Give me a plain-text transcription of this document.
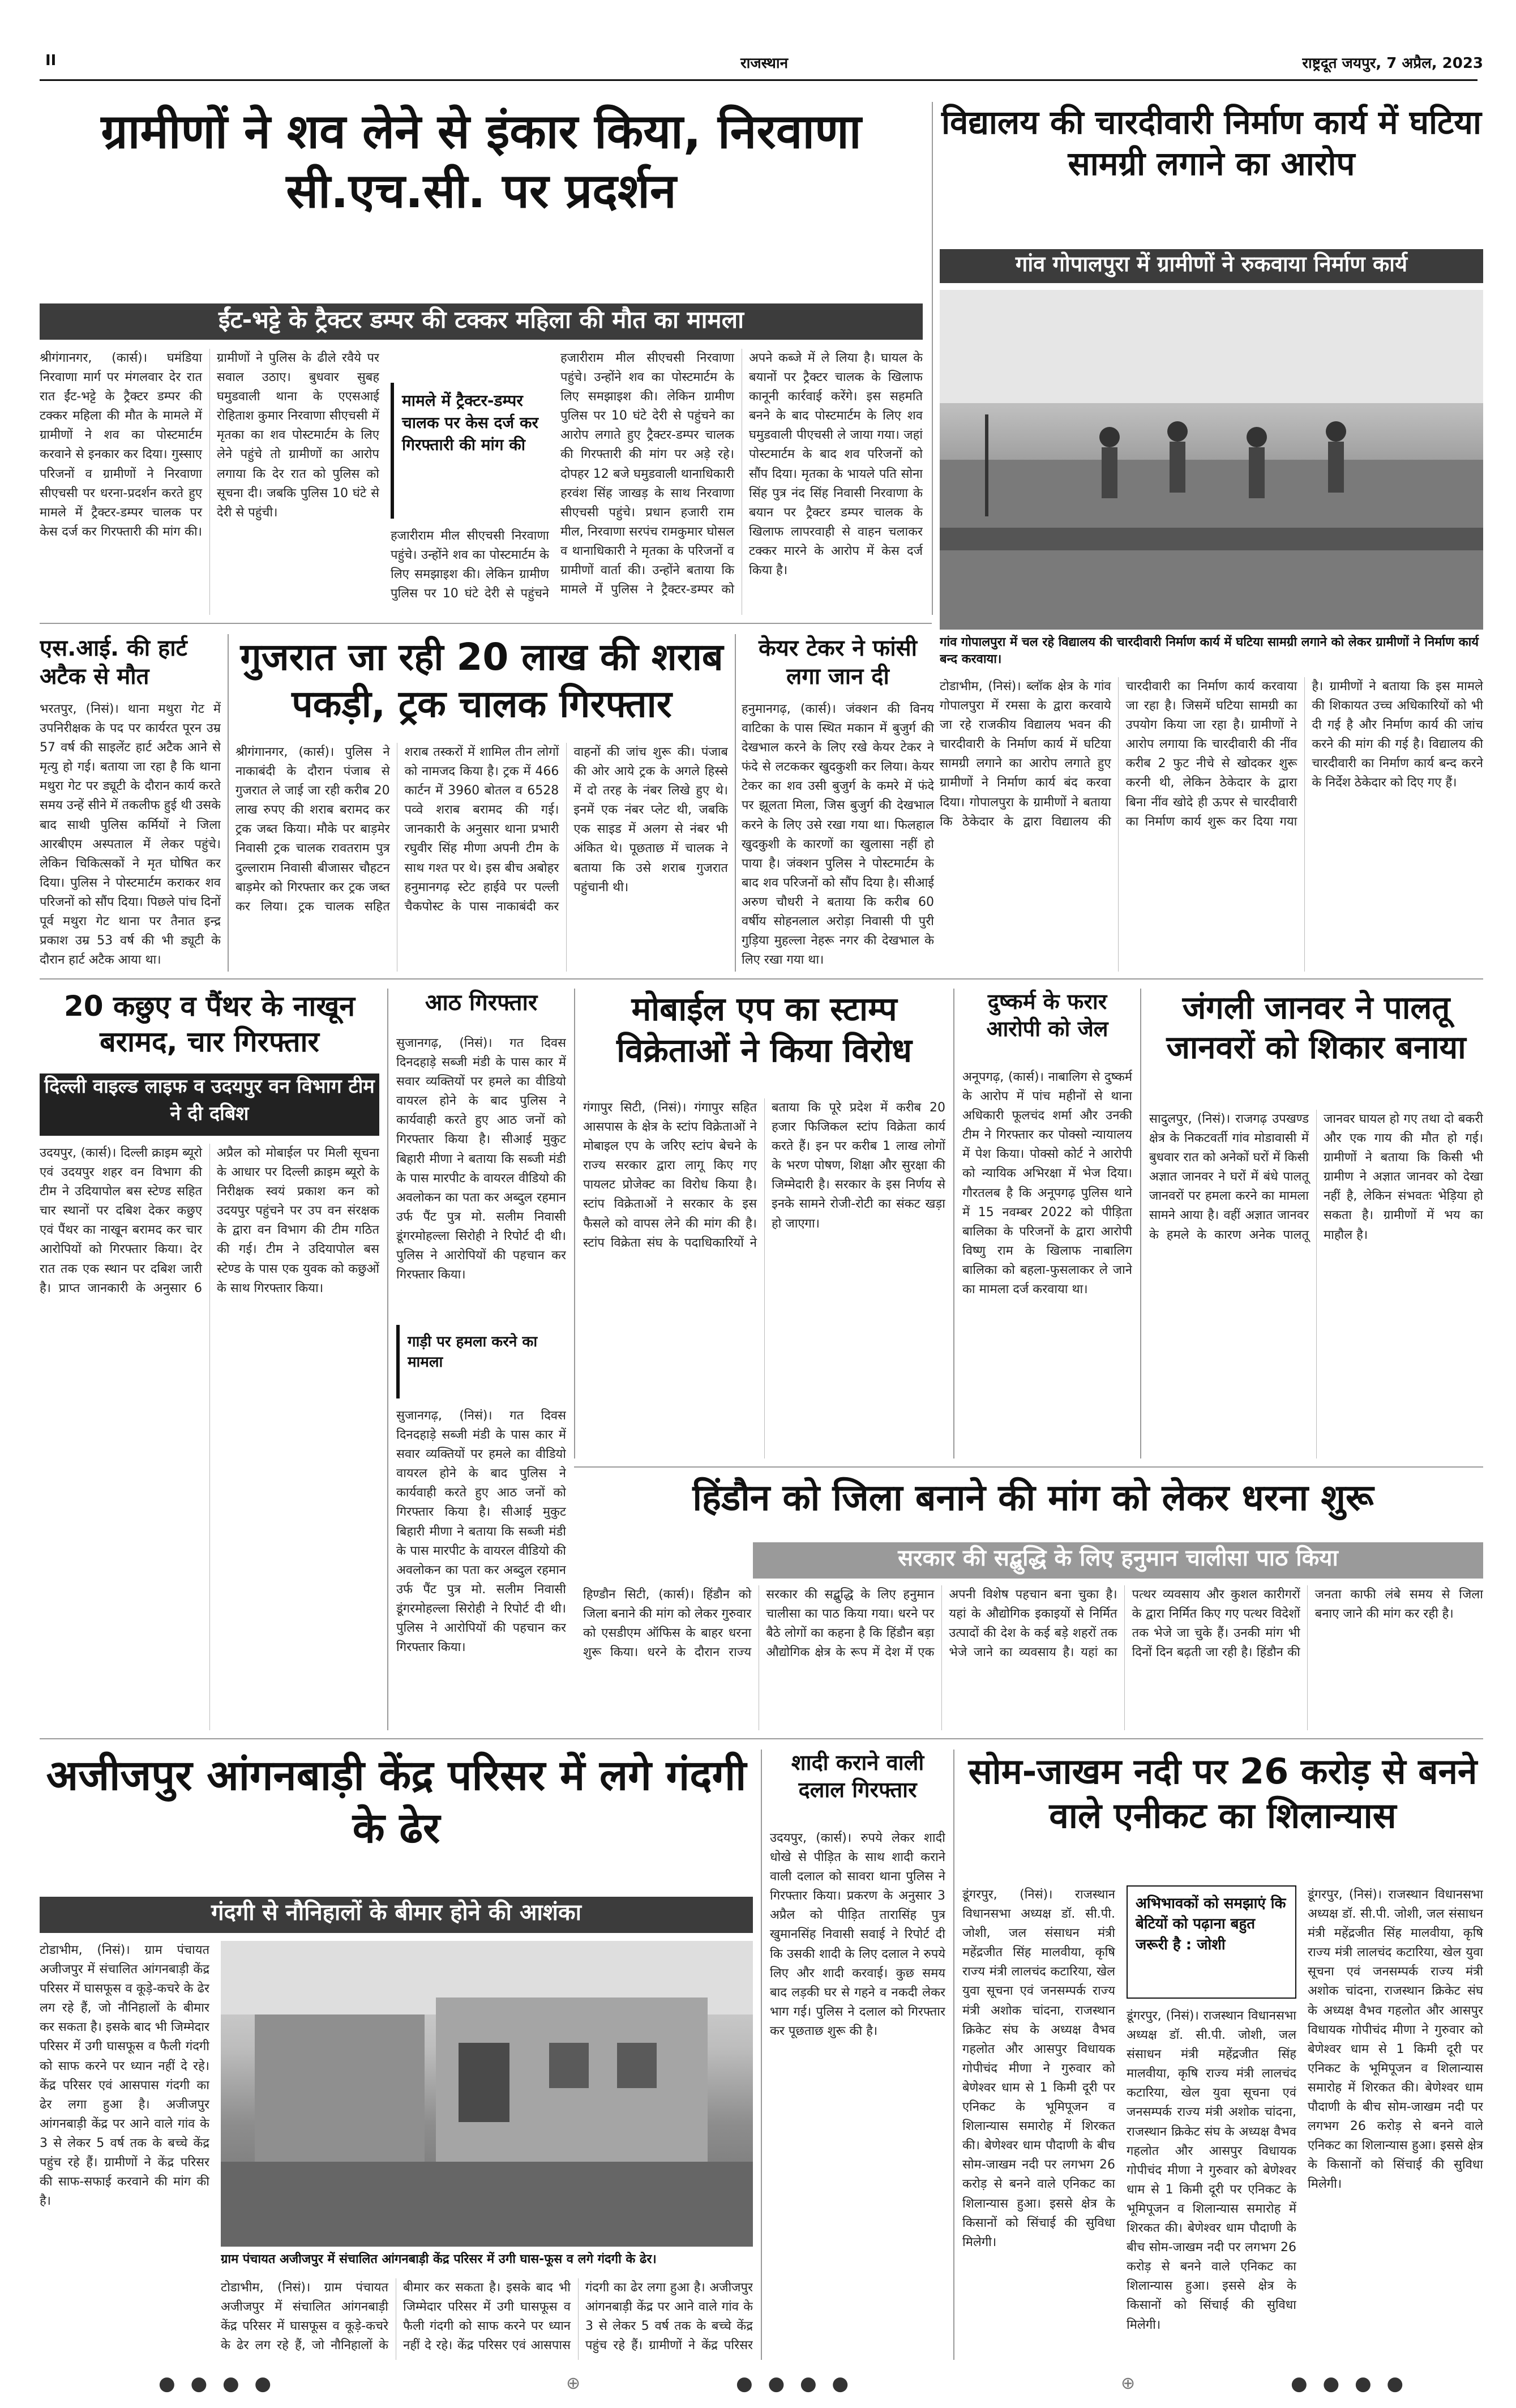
II	राजस्थान	राष्ट्रदूत जयपुर, 7 अप्रैल, 2023
ग्रामीणों ने शव लेने से इंकार किया, निरवाणा सी.एच.सी. पर प्रदर्शन
ईंट-भट्टे के ट्रैक्टर डम्पर की टक्कर महिला की मौत का मामला

श्रीगंगानगर, (कार्स)। घमंडिया निरवाणा मार्ग पर मंगलवार देर रात रात ईंट-भट्टे के ट्रैक्टर डम्पर की टक्कर महिला की मौत के मामले में ग्रामीणों ने शव का पोस्टमार्टम करवाने से इनकार कर दिया। गुस्साए परिजनों व ग्रामीणों ने निरवाणा सीएचसी पर धरना-प्रदर्शन करते हुए मामले में ट्रैक्टर-डम्पर चालक पर केस दर्ज कर गिरफ्तारी की मांग की। ग्रामीणों ने पुलिस के ढीले रवैये पर सवाल उठाए। बुधवार सुबह घमुडवाली थाना के एएसआई रोहिताश कुमार निरवाणा सीएचसी में मृतका का शव पोस्टमार्टम के लिए लेने पहुंचे तो ग्रामीणों का आरोप लगाया कि देर रात को पुलिस को सूचना दी। जबकि पुलिस 10 घंटे से देरी से पहुंची।

मामले में ट्रैक्टर-डम्पर चालक पर केस दर्ज कर गिरफ्तारी की मांग की

हजारीराम मील सीएचसी निरवाणा पहुंचे। उन्होंने शव का पोस्टमार्टम के लिए समझाइश की। लेकिन ग्रामीण पुलिस पर 10 घंटे देरी से पहुंचने

हजारीराम मील सीएचसी निरवाणा पहुंचे। उन्होंने शव का पोस्टमार्टम के लिए समझाइश की। लेकिन ग्रामीण पुलिस पर 10 घंटे देरी से पहुंचने का आरोप लगाते हुए ट्रैक्टर-डम्पर चालक की गिरफ्तारी की मांग पर अड़े रहे। दोपहर 12 बजे घमुडवाली थानाधिकारी हरवंश सिंह जाखड़ के साथ निरवाणा सीएचसी पहुंचे। प्रधान हजारी राम मील, निरवाणा सरपंच रामकुमार घोसल व थानाधिकारी ने मृतका के परिजनों व ग्रामीणों वार्ता की। उन्होंने बताया कि मामले में पुलिस ने ट्रैक्टर-डम्पर को अपने कब्जे में ले लिया है। घायल के बयानों पर ट्रैक्टर चालक के खिलाफ कानूनी कार्रवाई करेंगे। इस सहमति बनने के बाद पोस्टमार्टम के लिए शव घमुडवाली पीएचसी ले जाया गया। जहां पोस्टमार्टम के बाद शव परिजनों को सौंप दिया। मृतका के भायले पति सोना सिंह पुत्र नंद सिंह निवासी निरवाणा के बयान पर ट्रैक्टर डम्पर चालक के खिलाफ लापरवाही से वाहन चलाकर टक्कर मारने के आरोप में केस दर्ज किया है।

विद्यालय की चारदीवारी निर्माण कार्य में घटिया सामग्री लगाने का आरोप
गांव गोपालपुरा में ग्रामीणों ने रुकवाया निर्माण कार्य
गांव गोपालपुरा में चल रहे विद्यालय की चारदीवारी निर्माण कार्य में घटिया सामग्री लगाने को लेकर ग्रामीणों ने निर्माण कार्य बन्द करवाया।

टोडाभीम, (निसं)। ब्लॉक क्षेत्र के गांव गोपालपुरा में रमसा के द्वारा करवाये जा रहे राजकीय विद्यालय भवन की चारदीवारी के निर्माण कार्य में घटिया सामग्री लगाने का आरोप लगाते हुए ग्रामीणों ने निर्माण कार्य बंद करवा दिया। गोपालपुरा के ग्रामीणों ने बताया कि ठेकेदार के द्वारा विद्यालय की चारदीवारी का निर्माण कार्य करवाया जा रहा है। जिसमें घटिया सामग्री का उपयोग किया जा रहा है। ग्रामीणों ने आरोप लगाया कि चारदीवारी की नींव करीब 2 फुट नीचे से खोदकर शुरू करनी थी, लेकिन ठेकेदार के द्वारा बिना नींव खोदे ही ऊपर से चारदीवारी का निर्माण कार्य शुरू कर दिया गया है। ग्रामीणों ने बताया कि इस मामले की शिकायत उच्च अधिकारियों को भी दी गई है और निर्माण कार्य की जांच करने की मांग की गई है। विद्यालय की चारदीवारी का निर्माण कार्य बन्द करने के निर्देश ठेकेदार को दिए गए हैं।

एस.आई. की हार्ट अटैक से मौत

भरतपुर, (निसं)। थाना मथुरा गेट में उपनिरीक्षक के पद पर कार्यरत पूरन उम्र 57 वर्ष की साइलेंट हार्ट अटैक आने से मृत्यु हो गई। बताया जा रहा है कि थाना मथुरा गेट पर ड्यूटी के दौरान कार्य करते समय उन्हें सीने में तकलीफ हुई थी उसके बाद साथी पुलिस कर्मियों ने जिला आरबीएम अस्पताल में लेकर पहुंचे। लेकिन चिकित्सकों ने मृत घोषित कर दिया। पुलिस ने पोस्टमार्टम कराकर शव परिजनों को सौंप दिया। पिछले पांच दिनों पूर्व मथुरा गेट थाना पर तैनात इन्द्र प्रकाश उम्र 53 वर्ष की भी ड्यूटी के दौरान हार्ट अटैक आया था।

गुजरात जा रही 20 लाख की शराब पकड़ी, ट्रक चालक गिरफ्तार

श्रीगंगानगर, (कार्स)। पुलिस ने नाकाबंदी के दौरान पंजाब से गुजरात ले जाई जा रही करीब 20 लाख रुपए की शराब बरामद कर ट्रक जब्त किया। मौके पर बाड़मेर निवासी ट्रक चालक रावतराम पुत्र दुल्लाराम निवासी बीजासर चौहटन बाड़मेर को गिरफ्तार कर ट्रक जब्त कर लिया। ट्रक चालक सहित शराब तस्करों में शामिल तीन लोगों को नामजद किया है। ट्रक में 466 कार्टन में 3960 बोतल व 6528 पव्वे शराब बरामद की गई। जानकारी के अनुसार थाना प्रभारी रघुवीर सिंह मीणा अपनी टीम के साथ गश्त पर थे। इस बीच अबोहर हनुमानगढ़ स्टेट हाईवे पर पल्ली चैकपोस्ट के पास नाकाबंदी कर वाहनों की जांच शुरू की। पंजाब की ओर आये ट्रक के अगले हिस्से में दो तरह के नंबर लिखे हुए थे। इनमें एक नंबर प्लेट थी, जबकि एक साइड में अलग से नंबर भी अंकित थे। पूछताछ में चालक ने बताया कि उसे शराब गुजरात पहुंचानी थी।

केयर टेकर ने फांसी लगा जान दी

हनुमानगढ़, (कार्स)। जंक्शन की विनय वाटिका के पास स्थित मकान में बुजुर्ग की देखभाल करने के लिए रखे केयर टेकर ने फंदे से लटककर खुदकुशी कर लिया। केयर टेकर का शव उसी बुजुर्ग के कमरे में फंदे पर झूलता मिला, जिस बुजुर्ग की देखभाल करने के लिए उसे रखा गया था। फिलहाल खुदकुशी के कारणों का खुलासा नहीं हो पाया है। जंक्शन पुलिस ने पोस्टमार्टम के बाद शव परिजनों को सौंप दिया है। सीआई अरुण चौधरी ने बताया कि करीब 60 वर्षीय सोहनलाल अरोड़ा निवासी पी पुरी गुड़िया मुहल्ला नेहरू नगर की देखभाल के लिए रखा गया था।

20 कछुए व पैंथर के नाखून बरामद, चार गिरफ्तार
दिल्ली वाइल्ड लाइफ व उदयपुर वन विभाग टीम ने दी दबिश

उदयपुर, (कार्स)। दिल्ली क्राइम ब्यूरो एवं उदयपुर शहर वन विभाग की टीम ने उदियापोल बस स्टेण्ड सहित चार स्थानों पर दबिश देकर कछुए एवं पैंथर का नाखून बरामद कर चार आरोपियों को गिरफ्तार किया। देर रात तक एक स्थान पर दबिश जारी है। प्राप्त जानकारी के अनुसार 6 अप्रैल को मोबाईल पर मिली सूचना के आधार पर दिल्ली क्राइम ब्यूरो के निरीक्षक स्वयं प्रकाश कन को उदयपुर पहुंचने पर उप वन संरक्षक के द्वारा वन विभाग की टीम गठित की गई। टीम ने उदियापोल बस स्टेण्ड के पास एक युवक को कछुओं के साथ गिरफ्तार किया।

आठ गिरफ्तार

सुजानगढ़, (निसं)। गत दिवस दिनदहाड़े सब्जी मंडी के पास कार में सवार व्यक्तियों पर हमले का वीडियो वायरल होने के बाद पुलिस ने कार्यवाही करते हुए आठ जनों को गिरफ्तार किया है। सीआई मुकुट बिहारी मीणा ने बताया कि सब्जी मंडी के पास मारपीट के वायरल वीडियो की अवलोकन का पता कर अब्दुल रहमान उर्फ पैंट पुत्र मो. सलीम निवासी डूंगरमोहल्ला सिरोही ने रिपोर्ट दी थी। पुलिस ने आरोपियों की पहचान कर गिरफ्तार किया।

गाड़ी पर हमला करने का मामला

सुजानगढ़, (निसं)। गत दिवस दिनदहाड़े सब्जी मंडी के पास कार में सवार व्यक्तियों पर हमले का वीडियो वायरल होने के बाद पुलिस ने कार्यवाही करते हुए आठ जनों को गिरफ्तार किया है। सीआई मुकुट बिहारी मीणा ने बताया कि सब्जी मंडी के पास मारपीट के वायरल वीडियो की अवलोकन का पता कर अब्दुल रहमान उर्फ पैंट पुत्र मो. सलीम निवासी डूंगरमोहल्ला सिरोही ने रिपोर्ट दी थी। पुलिस ने आरोपियों की पहचान कर गिरफ्तार किया।

मोबाईल एप का स्टाम्प विक्रेताओं ने किया विरोध

गंगापुर सिटी, (निसं)। गंगापुर सहित आसपास के क्षेत्र के स्टांप विक्रेताओं ने मोबाइल एप के जरिए स्टांप बेचने के राज्य सरकार द्वारा लागू किए गए पायलट प्रोजेक्ट का विरोध किया है। स्टांप विक्रेताओं ने सरकार के इस फैसले को वापस लेने की मांग की है। स्टांप विक्रेता संघ के पदाधिकारियों ने बताया कि पूरे प्रदेश में करीब 20 हजार फिजिकल स्टांप विक्रेता कार्य करते हैं। इन पर करीब 1 लाख लोगों के भरण पोषण, शिक्षा और सुरक्षा की जिम्मेदारी है। सरकार के इस निर्णय से इनके सामने रोजी-रोटी का संकट खड़ा हो जाएगा।

दुष्कर्म के फरार आरोपी को जेल

अनूपगढ़, (कार्स)। नाबालिग से दुष्कर्म के आरोप में पांच महीनों से थाना अधिकारी फूलचंद शर्मा और उनकी टीम ने गिरफ्तार कर पोक्सो न्यायालय में पेश किया। पोक्सो कोर्ट ने आरोपी को न्यायिक अभिरक्षा में भेज दिया। गौरतलब है कि अनूपगढ़ पुलिस थाने में 15 नवम्बर 2022 को पीड़िता बालिका के परिजनों के द्वारा आरोपी विष्णु राम के खिलाफ नाबालिग बालिका को बहला-फुसलाकर ले जाने का मामला दर्ज करवाया था।

जंगली जानवर ने पालतू जानवरों को शिकार बनाया

सादुलपुर, (निसं)। राजगढ़ उपखण्ड क्षेत्र के निकटवर्ती गांव मोडावासी में बुधवार रात को अनेकों घरों में किसी अज्ञात जानवर ने घरों में बंधे पालतू जानवरों पर हमला करने का मामला सामने आया है। वहीं अज्ञात जानवर के हमले के कारण अनेक पालतू जानवर घायल हो गए तथा दो बकरी और एक गाय की मौत हो गई। ग्रामीणों ने बताया कि किसी भी ग्रामीण ने अज्ञात जानवर को देखा नहीं है, लेकिन संभवतः भेड़िया हो सकता है। ग्रामीणों में भय का माहौल है।

हिंडौन को जिला बनाने की मांग को लेकर धरना शुरू
सरकार की सद्बुद्धि के लिए हनुमान चालीसा पाठ किया

हिण्डौन सिटी, (कार्स)। हिंडौन को जिला बनाने की मांग को लेकर गुरुवार को एसडीएम ऑफिस के बाहर धरना शुरू किया। धरने के दौरान राज्य सरकार की सद्बुद्धि के लिए हनुमान चालीसा का पाठ किया गया। धरने पर बैठे लोगों का कहना है कि हिंडौन बड़ा औद्योगिक क्षेत्र के रूप में देश में एक अपनी विशेष पहचान बना चुका है। यहां के औद्योगिक इकाइयों से निर्मित उत्पादों की देश के कई बड़े शहरों तक भेजे जाने का व्यवसाय है। यहां का पत्थर व्यवसाय और कुशल कारीगरों के द्वारा निर्मित किए गए पत्थर विदेशों तक भेजे जा चुके हैं। उनकी मांग भी दिनों दिन बढ़ती जा रही है। हिंडौन की जनता काफी लंबे समय से जिला बनाए जाने की मांग कर रही है।

अजीजपुर आंगनबाड़ी केंद्र परिसर में लगे गंदगी के ढेर
गंदगी से नौनिहालों के बीमार होने की आशंका

टोडाभीम, (निसं)। ग्राम पंचायत अजीजपुर में संचालित आंगनबाड़ी केंद्र परिसर में घासफूस व कूड़े-कचरे के ढेर लग रहे हैं, जो नौनिहालों के बीमार कर सकता है। इसके बाद भी जिम्मेदार परिसर में उगी घासफूस व फैली गंदगी को साफ करने पर ध्यान नहीं दे रहे। केंद्र परिसर एवं आसपास गंदगी का ढेर लगा हुआ है। अजीजपुर आंगनबाड़ी केंद्र पर आने वाले गांव के 3 से लेकर 5 वर्ष तक के बच्चे केंद्र पहुंच रहे हैं। ग्रामीणों ने केंद्र परिसर की साफ-सफाई करवाने की मांग की है।

ग्राम पंचायत अजीजपुर में संचालित आंगनबाड़ी केंद्र परिसर में उगी घास-फूस व लगे गंदगी के ढेर।

टोडाभीम, (निसं)। ग्राम पंचायत अजीजपुर में संचालित आंगनबाड़ी केंद्र परिसर में घासफूस व कूड़े-कचरे के ढेर लग रहे हैं, जो नौनिहालों के बीमार कर सकता है। इसके बाद भी जिम्मेदार परिसर में उगी घासफूस व फैली गंदगी को साफ करने पर ध्यान नहीं दे रहे। केंद्र परिसर एवं आसपास गंदगी का ढेर लगा हुआ है। अजीजपुर आंगनबाड़ी केंद्र पर आने वाले गांव के 3 से लेकर 5 वर्ष तक के बच्चे केंद्र पहुंच रहे हैं। ग्रामीणों ने केंद्र परिसर

शादी कराने वाली दलाल गिरफ्तार

उदयपुर, (कार्स)। रुपये लेकर शादी धोखे से पीड़ित के साथ शादी कराने वाली दलाल को सावरा थाना पुलिस ने गिरफ्तार किया। प्रकरण के अनुसार 3 अप्रैल को पीड़ित तारासिंह पुत्र खुमानसिंह निवासी सवाई ने रिपोर्ट दी कि उसकी शादी के लिए दलाल ने रुपये लिए और शादी करवाई। कुछ समय बाद लड़की घर से गहने व नकदी लेकर भाग गई। पुलिस ने दलाल को गिरफ्तार कर पूछताछ शुरू की है।

सोम-जाखम नदी पर 26 करोड़ से बनने वाले एनीकट का शिलान्यास
अभिभावकों को समझाएं कि बेटियों को पढ़ाना बहुत जरूरी है : जोशी

डूंगरपुर, (निसं)। राजस्थान विधानसभा अध्यक्ष डॉ. सी.पी. जोशी, जल संसाधन मंत्री महेंद्रजीत सिंह मालवीया, कृषि राज्य मंत्री लालचंद कटारिया, खेल युवा सूचना एवं जनसम्पर्क राज्य मंत्री अशोक चांदना, राजस्थान क्रिकेट संघ के अध्यक्ष वैभव गहलोत और आसपुर विधायक गोपीचंद मीणा ने गुरुवार को बेणेश्वर धाम से 1 किमी दूरी पर एनिकट के भूमिपूजन व शिलान्यास समारोह में शिरकत की। बेणेश्वर धाम पौदाणी के बीच सोम-जाखम नदी पर लगभग 26 करोड़ से बनने वाले एनिकट का शिलान्यास हुआ। इससे क्षेत्र के किसानों को सिंचाई की सुविधा मिलेगी।

डूंगरपुर, (निसं)। राजस्थान विधानसभा अध्यक्ष डॉ. सी.पी. जोशी, जल संसाधन मंत्री महेंद्रजीत सिंह मालवीया, कृषि राज्य मंत्री लालचंद कटारिया, खेल युवा सूचना एवं जनसम्पर्क राज्य मंत्री अशोक चांदना, राजस्थान क्रिकेट संघ के अध्यक्ष वैभव गहलोत और आसपुर विधायक गोपीचंद मीणा ने गुरुवार को बेणेश्वर धाम से 1 किमी दूरी पर एनिकट के भूमिपूजन व शिलान्यास समारोह में शिरकत की। बेणेश्वर धाम पौदाणी के बीच सोम-जाखम नदी पर लगभग 26 करोड़ से बनने वाले एनिकट का शिलान्यास हुआ। इससे क्षेत्र के किसानों को सिंचाई की सुविधा मिलेगी।

डूंगरपुर, (निसं)। राजस्थान विधानसभा अध्यक्ष डॉ. सी.पी. जोशी, जल संसाधन मंत्री महेंद्रजीत सिंह मालवीया, कृषि राज्य मंत्री लालचंद कटारिया, खेल युवा सूचना एवं जनसम्पर्क राज्य मंत्री अशोक चांदना, राजस्थान क्रिकेट संघ के अध्यक्ष वैभव गहलोत और आसपुर विधायक गोपीचंद मीणा ने गुरुवार को बेणेश्वर धाम से 1 किमी दूरी पर एनिकट के भूमिपूजन व शिलान्यास समारोह में शिरकत की। बेणेश्वर धाम पौदाणी के बीच सोम-जाखम नदी पर लगभग 26 करोड़ से बनने वाले एनिकट का शिलान्यास हुआ। इससे क्षेत्र के किसानों को सिंचाई की सुविधा मिलेगी।

● ● ● ●	⊕	● ● ● ●	⊕	● ● ● ●
